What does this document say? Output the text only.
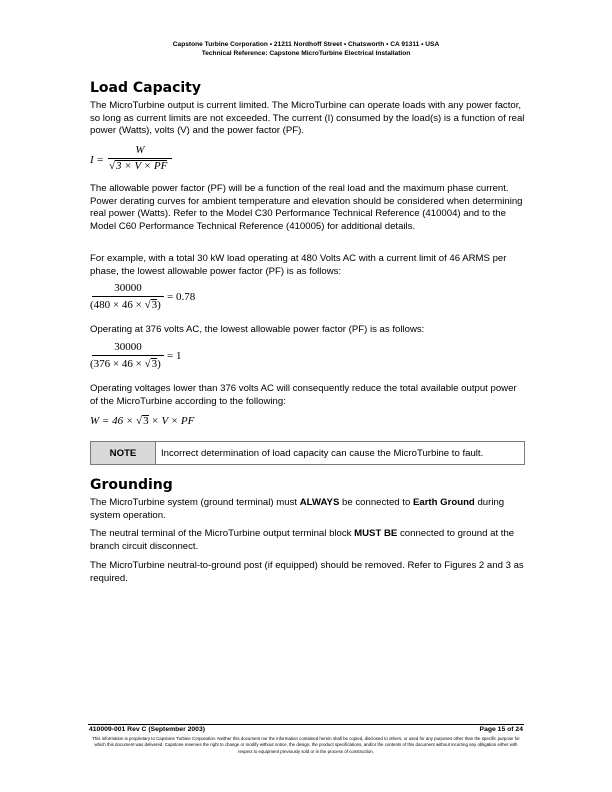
Capstone Turbine Corporation • 21211 Nordhoff Street • Chatsworth • CA 91311 • USA
Technical Reference: Capstone MicroTurbine Electrical Installation
Load Capacity

The MicroTurbine output is current limited. The MicroTurbine can operate loads with any power factor, so long as current limits are not exceeded. The current (I) consumed by the load(s) is a function of real power (Watts), volts (V) and the power factor (PF).

I =
W
√3 × V × PF

The allowable power factor (PF) will be a function of the real load and the maximum phase current. Power derating curves for ambient temperature and elevation should be considered when determining real power (Watts). Refer to the Model C30 Performance Technical Reference (410004) and to the Model C60 Performance Technical Reference (410005) for additional details.

For example, with a total 30 kW load operating at 480 Volts AC with a current limit of 46 ARMS per phase, the lowest allowable power factor (PF) is as follows:

30000
(480 × 46 × √3)
= 0.78

Operating at 376 volts AC, the lowest allowable power factor (PF) is as follows:

30000
(376 × 46 × √3)
= 1

Operating voltages lower than 376 volts AC will consequently reduce the total available output power of the MicroTurbine according to the following:

W = 46 × √3 × V × PF
NOTE	Incorrect determination of load capacity can cause the MicroTurbine to fault.
Grounding

The MicroTurbine system (ground terminal) must ALWAYS be connected to Earth Ground during system operation.

The neutral terminal of the MicroTurbine output terminal block MUST BE connected to ground at the branch circuit disconnect.

The MicroTurbine neutral-to-ground post (if equipped) should be removed. Refer to Figures 2 and 3 as required.

410009-001 Rev C (September 2003)	Page 15 of 24
This information is proprietary to Capstone Turbine Corporation. Neither this document nor the information contained herein shall be copied, disclosed to others, or used for any purposes other than the specific purpose for which this document was delivered. Capstone reserves the right to change or modify without notice, the design, the product specifications, and/or the contents of this document without incurring any obligation either with respect to equipment previously sold or in the process of construction.
